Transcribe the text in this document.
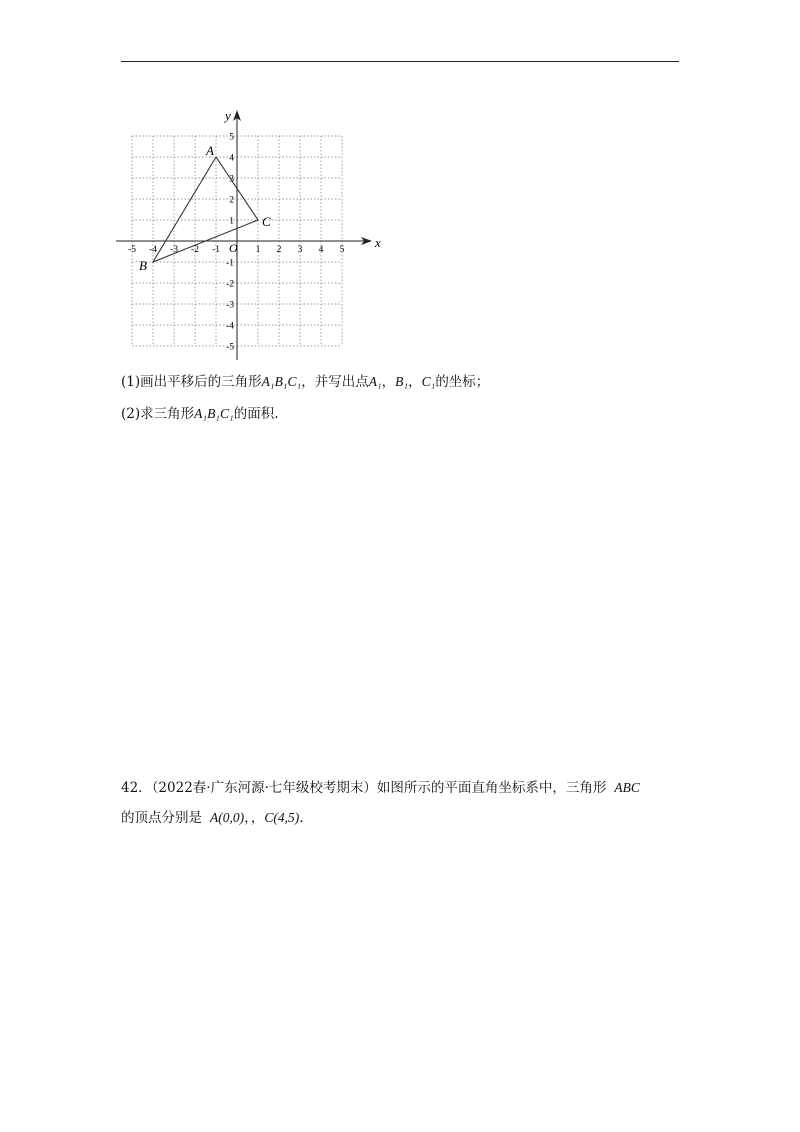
x
y
O
-5 -4 -3 -2 -1	1 2 3 4 5
5
4
3
2
1
-1
-2
-3
-4
-5
A
B
C
(1)画出平移后的三角形A₁B₁C₁，并写出点A₁，B₁，C₁的坐标；
(2)求三角形A₁B₁C₁的面积.
42．（2022春·广东河源·七年级校考期末）如图所示的平面直角坐标系中，三角形 ABC
的顶点分别是 A(0,0)，，C(4,5).
